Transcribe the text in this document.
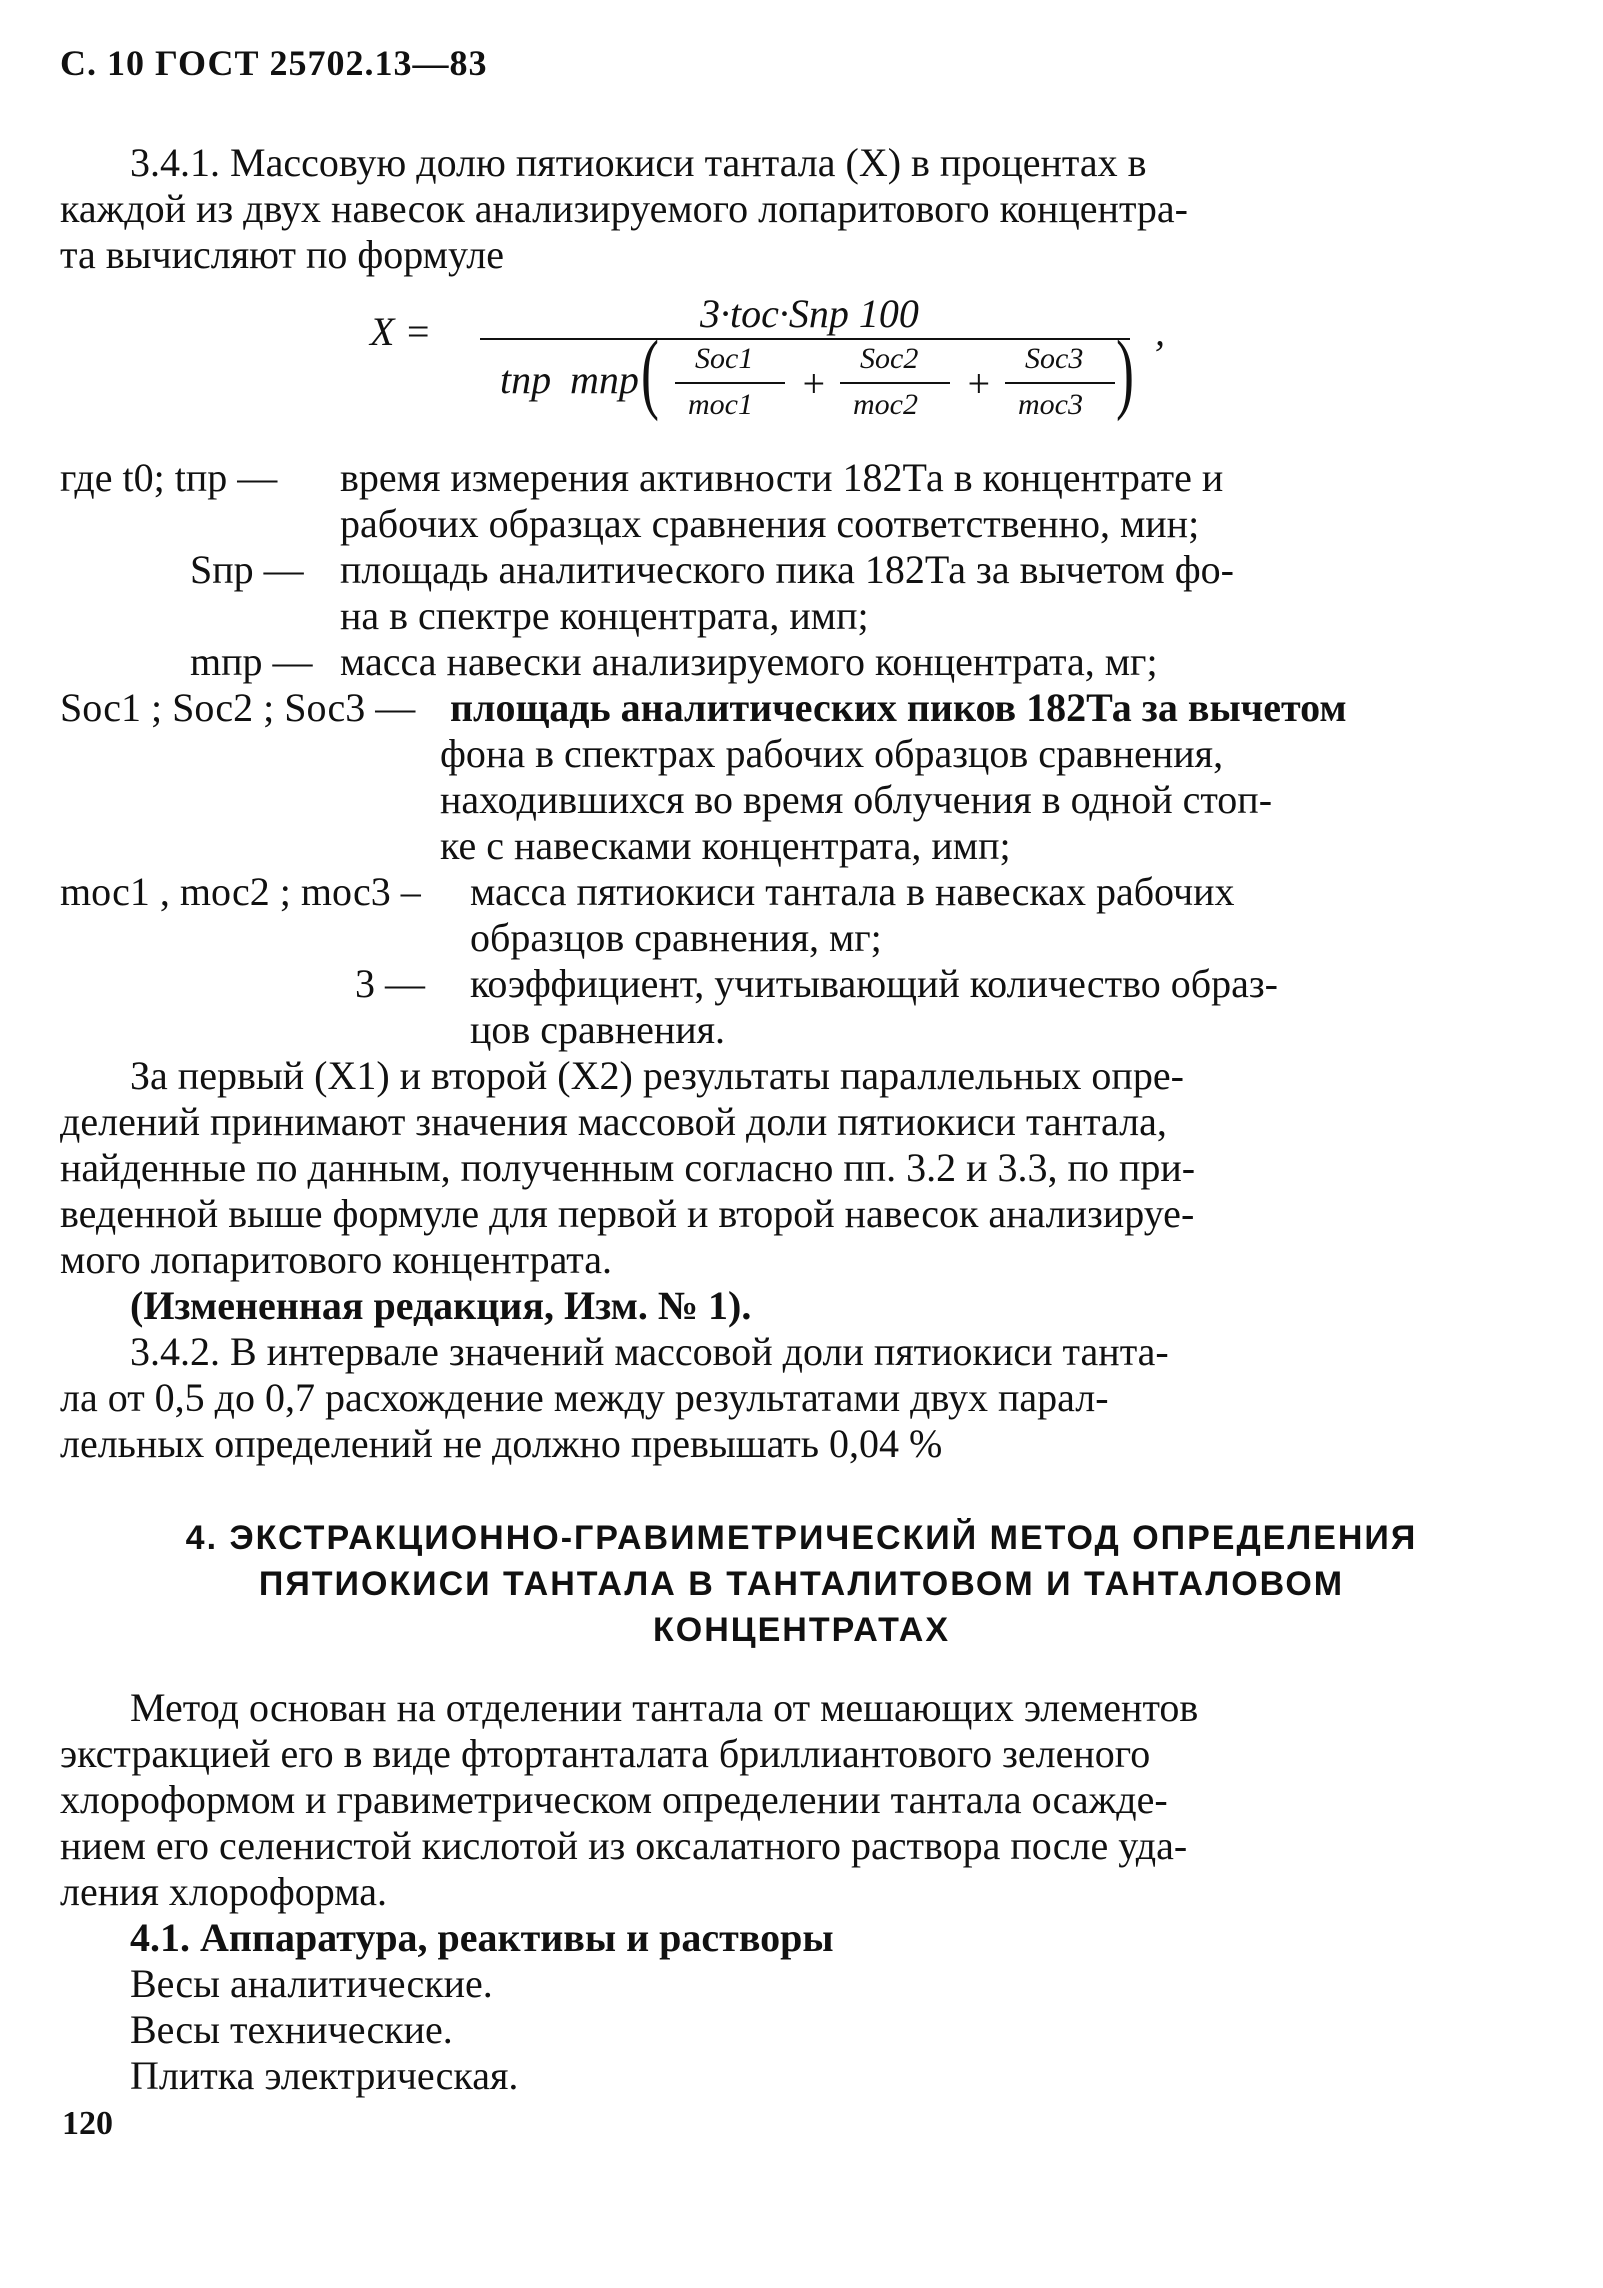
С. 10 ГОСТ 25702.13—83
3.4.1. Массовую долю пятиокиси тантала (X) в процентах в
каждой из двух навесок анализируемого лопаритового концентра-
та вычисляют по формуле
X =	3·tос·Sпр 100
tпр mпр ( Sос1
mос1 +
Sос2
mос2 +
Sос3
mос3 ) ,
где t0; tпр — время измерения активности 182Та в концентрате и
рабочих образцах сравнения соответственно, мин;
Sпр — площадь аналитического пика 182Та за вычетом фо-
на в спектре концентрата, имп;
mпр — масса навески анализируемого концентрата, мг;
Sос1 ; Sос2 ; Sос3 — площадь аналитических пиков 182Та за вычетом
фона в спектрах рабочих образцов сравнения,
находившихся во время облучения в одной стоп-
ке с навесками концентрата, имп;
mос1 , mос2 ; mос3 – масса пятиокиси тантала в навесках рабочих
образцов сравнения, мг;
3 — коэффициент, учитывающий количество образ-
цов сравнения.
За первый (X1) и второй (X2) результаты параллельных опре-
делений принимают значения массовой доли пятиокиси тантала,
найденные по данным, полученным согласно пп. 3.2 и 3.3, по при-
веденной выше формуле для первой и второй навесок анализируе-
мого лопаритового концентрата.
(Измененная редакция, Изм. № 1).
3.4.2. В интервале значений массовой доли пятиокиси танта-
ла от 0,5 до 0,7 расхождение между результатами двух парал-
лельных определений не должно превышать 0,04 %
4. ЭКСТРАКЦИОННО-ГРАВИМЕТРИЧЕСКИЙ МЕТОД ОПРЕДЕЛЕНИЯ
ПЯТИОКИСИ ТАНТАЛА В ТАНТАЛИТОВОМ И ТАНТАЛОВОМ
КОНЦЕНТРАТАХ
Метод основан на отделении тантала от мешающих элементов
экстракцией его в виде фтортанталата бриллиантового зеленого
хлороформом и гравиметрическом определении тантала осажде-
нием его селенистой кислотой из оксалатного раствора после уда-
ления хлороформа.
4.1. Аппаратура, реактивы и растворы
Весы аналитические.
Весы технические.
Плитка электрическая.
120
